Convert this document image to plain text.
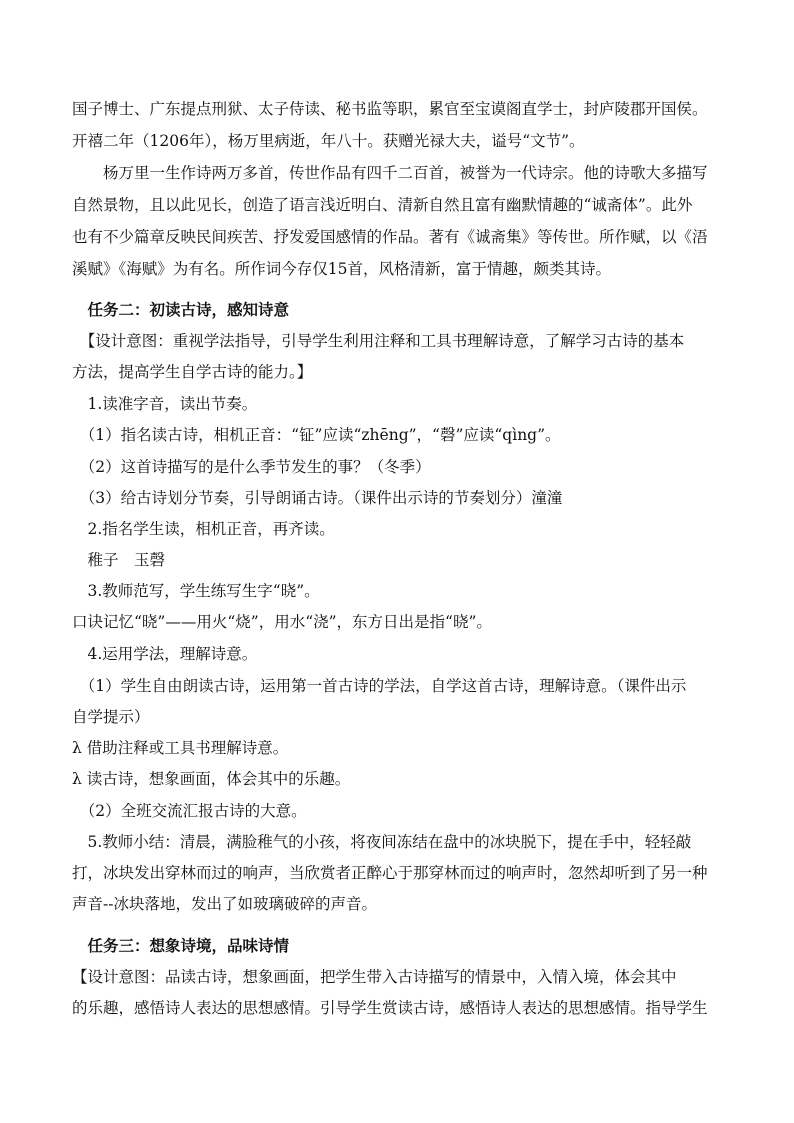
国子博士、广东提点刑狱、太子侍读、秘书监等职，累官至宝谟阁直学士，封庐陵郡开国侯。
开禧二年（1206年），杨万里病逝，年八十。获赠光禄大夫，谥号“文节”。
　　杨万里一生作诗两万多首，传世作品有四千二百首，被誉为一代诗宗。他的诗歌大多描写
自然景物，且以此见长，创造了语言浅近明白、清新自然且富有幽默情趣的“诚斋体”。此外
也有不少篇章反映民间疾苦、抒发爱国感情的作品。著有《诚斋集》等传世。所作赋，以《浯
溪赋》《海赋》为有名。所作词今存仅15首，风格清新，富于情趣，颇类其诗。
　任务二：初读古诗，感知诗意
　【设计意图：重视学法指导，引导学生利用注释和工具书理解诗意，了解学习古诗的基本
方法，提高学生自学古诗的能力。】
　1.读准字音，读出节奏。
　（1）指名读古诗，相机正音：“钲”应读“zhēng”，“磬”应读“qìng”。
　（2）这首诗描写的是什么季节发生的事？（冬季）
　（3）给古诗划分节奏，引导朗诵古诗。（课件出示诗的节奏划分）潼潼
　2.指名学生读，相机正音，再齐读。
　稚子　玉磬
　3.教师范写，学生练写生字“晓”。
口诀记忆“晓”——用火“烧”，用水“浇”，东方日出是指“晓”。
　4.运用学法，理解诗意。
　（1）学生自由朗读古诗，运用第一首古诗的学法，自学这首古诗，理解诗意。（课件出示
自学提示）
λ 借助注释或工具书理解诗意。
λ 读古诗，想象画面，体会其中的乐趣。
　（2）全班交流汇报古诗的大意。
　5.教师小结：清晨，满脸稚气的小孩，将夜间冻结在盘中的冰块脱下，提在手中，轻轻敲
打，冰块发出穿林而过的响声，当欣赏者正醉心于那穿林而过的响声时，忽然却听到了另一种
声音--冰块落地，发出了如玻璃破碎的声音。
　任务三：想象诗境，品味诗情
【设计意图：品读古诗，想象画面，把学生带入古诗描写的情景中，入情入境，体会其中
的乐趣，感悟诗人表达的思想感情。引导学生赏读古诗，感悟诗人表达的思想感情。指导学生
